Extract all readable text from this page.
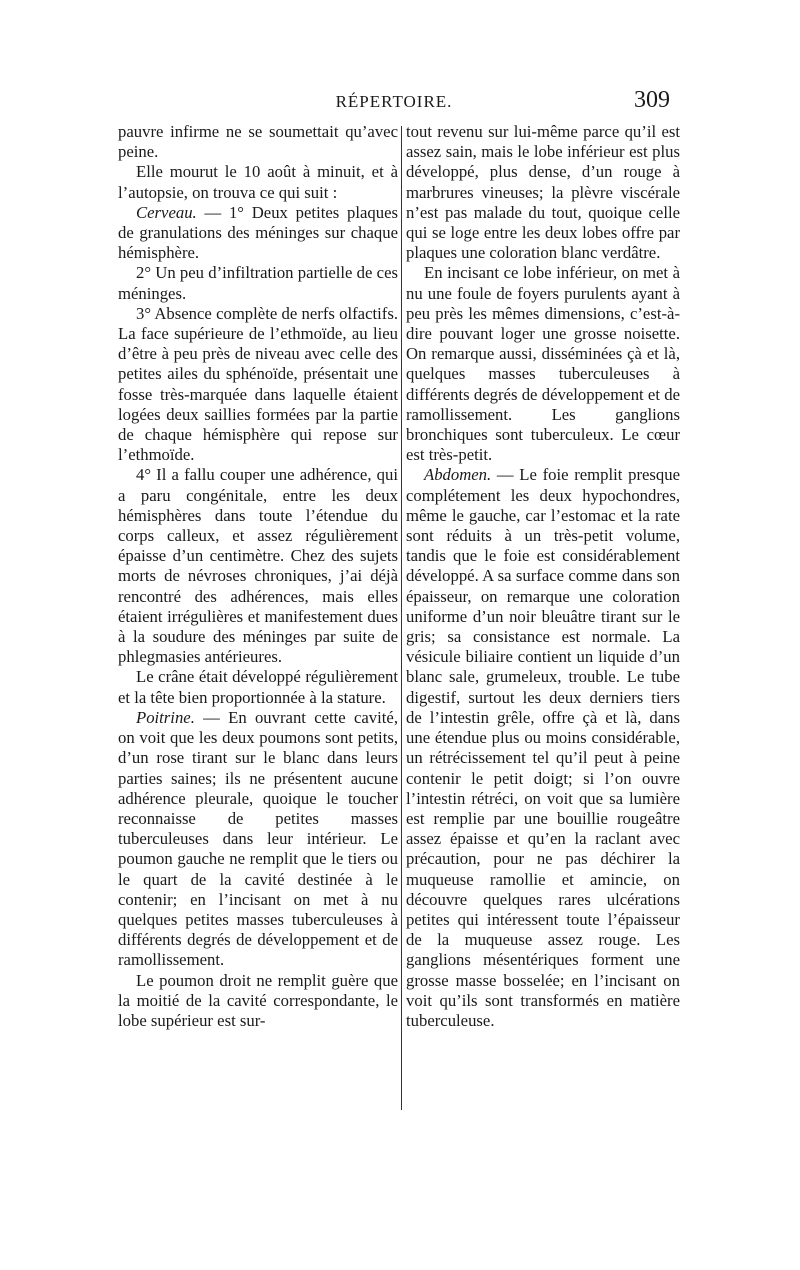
RÉPERTOIRE.	309

pauvre infirme ne se soumettait qu’avec peine.

Elle mourut le 10 août à minuit, et à l’autopsie, on trouva ce qui suit :

Cerveau. — 1° Deux petites plaques de granulations des méninges sur chaque hémisphère.

2° Un peu d’infiltration partielle de ces méninges.

3° Absence complète de nerfs olfactifs. La face supérieure de l’ethmoïde, au lieu d’être à peu près de niveau avec celle des petites ailes du sphénoïde, présentait une fosse très-marquée dans laquelle étaient logées deux saillies formées par la partie de chaque hémisphère qui repose sur l’ethmoïde.

4° Il a fallu couper une adhérence, qui a paru congénitale, entre les deux hémisphères dans toute l’étendue du corps calleux, et assez régulièrement épaisse d’un centimètre. Chez des sujets morts de névroses chroniques, j’ai déjà rencontré des adhérences, mais elles étaient irrégulières et manifestement dues à la soudure des méninges par suite de phlegmasies antérieures.

Le crâne était développé régulièrement et la tête bien proportionnée à la stature.

Poitrine. — En ouvrant cette cavité, on voit que les deux poumons sont petits, d’un rose tirant sur le blanc dans leurs parties saines; ils ne présentent aucune adhérence pleurale, quoique le toucher reconnaisse de petites masses tuberculeuses dans leur intérieur. Le poumon gauche ne remplit que le tiers ou le quart de la cavité destinée à le contenir; en l’incisant on met à nu quelques petites masses tuberculeuses à différents degrés de développement et de ramollissement.

Le poumon droit ne remplit guère que la moitié de la cavité correspondante, le lobe supérieur est sur-

tout revenu sur lui-même parce qu’il est assez sain, mais le lobe inférieur est plus développé, plus dense, d’un rouge à marbrures vineuses; la plèvre viscérale n’est pas malade du tout, quoique celle qui se loge entre les deux lobes offre par plaques une coloration blanc verdâtre.

En incisant ce lobe inférieur, on met à nu une foule de foyers purulents ayant à peu près les mêmes dimensions, c’est-à-dire pouvant loger une grosse noisette. On remarque aussi, disséminées çà et là, quelques masses tuberculeuses à différents degrés de développement et de ramollissement. Les ganglions bronchiques sont tuberculeux. Le cœur est très-petit.

Abdomen. — Le foie remplit presque complétement les deux hypochondres, même le gauche, car l’estomac et la rate sont réduits à un très-petit volume, tandis que le foie est considérablement développé. A sa surface comme dans son épaisseur, on remarque une coloration uniforme d’un noir bleuâtre tirant sur le gris; sa consistance est normale. La vésicule biliaire contient un liquide d’un blanc sale, grumeleux, trouble. Le tube digestif, surtout les deux derniers tiers de l’intestin grêle, offre çà et là, dans une étendue plus ou moins considérable, un rétrécissement tel qu’il peut à peine contenir le petit doigt; si l’on ouvre l’intestin rétréci, on voit que sa lumière est remplie par une bouillie rougeâtre assez épaisse et qu’en la raclant avec précaution, pour ne pas déchirer la muqueuse ramollie et amincie, on découvre quelques rares ulcérations petites qui intéressent toute l’épaisseur de la muqueuse assez rouge. Les ganglions mésentériques forment une grosse masse bosselée; en l’incisant on voit qu’ils sont transformés en matière tuberculeuse.
